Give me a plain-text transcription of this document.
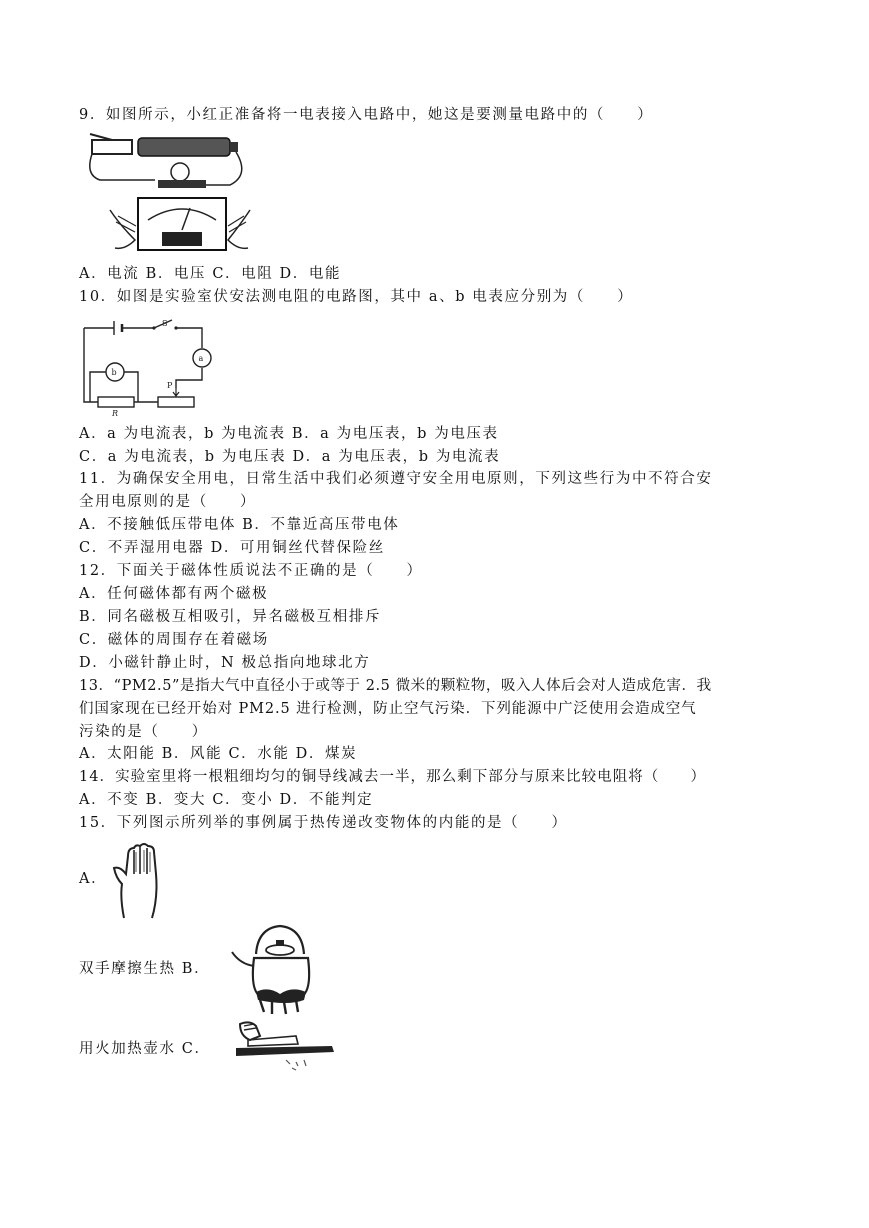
9．如图所示，小红正准备将一电表接入电路中，她这是要测量电路中的（　　）
A．电流 B．电压 C．电阻 D．电能
10．如图是实验室伏安法测电阻的电路图，其中 a、b 电表应分别为（　　）
S
a
R
P
b
A．a 为电流表，b 为电流表 B．a 为电压表，b 为电压表
C．a 为电流表，b 为电压表 D．a 为电压表，b 为电流表
11．为确保安全用电，日常生活中我们必须遵守安全用电原则，下列这些行为中不符合安
全用电原则的是（　　）
A．不接触低压带电体 B．不靠近高压带电体
C．不弄湿用电器 D．可用铜丝代替保险丝
12．下面关于磁体性质说法不正确的是（　　）
A．任何磁体都有两个磁极
B．同名磁极互相吸引，异名磁极互相排斥
C．磁体的周围存在着磁场
D．小磁针静止时，N 极总指向地球北方
13．“PM2.5”是指大气中直径小于或等于 2.5 微米的颗粒物，吸入人体后会对人造成危害．我
们国家现在已经开始对 PM2.5 进行检测，防止空气污染．下列能源中广泛使用会造成空气
污染的是（　　）
A．太阳能 B．风能 C．水能 D．煤炭
14．实验室里将一根粗细均匀的铜导线减去一半，那么剩下部分与原来比较电阻将（　　）
A．不变 B．变大 C．变小 D．不能判定
15．下列图示所列举的事例属于热传递改变物体的内能的是（　　）
A．
双手摩擦生热 B．
用火加热壶水 C．
